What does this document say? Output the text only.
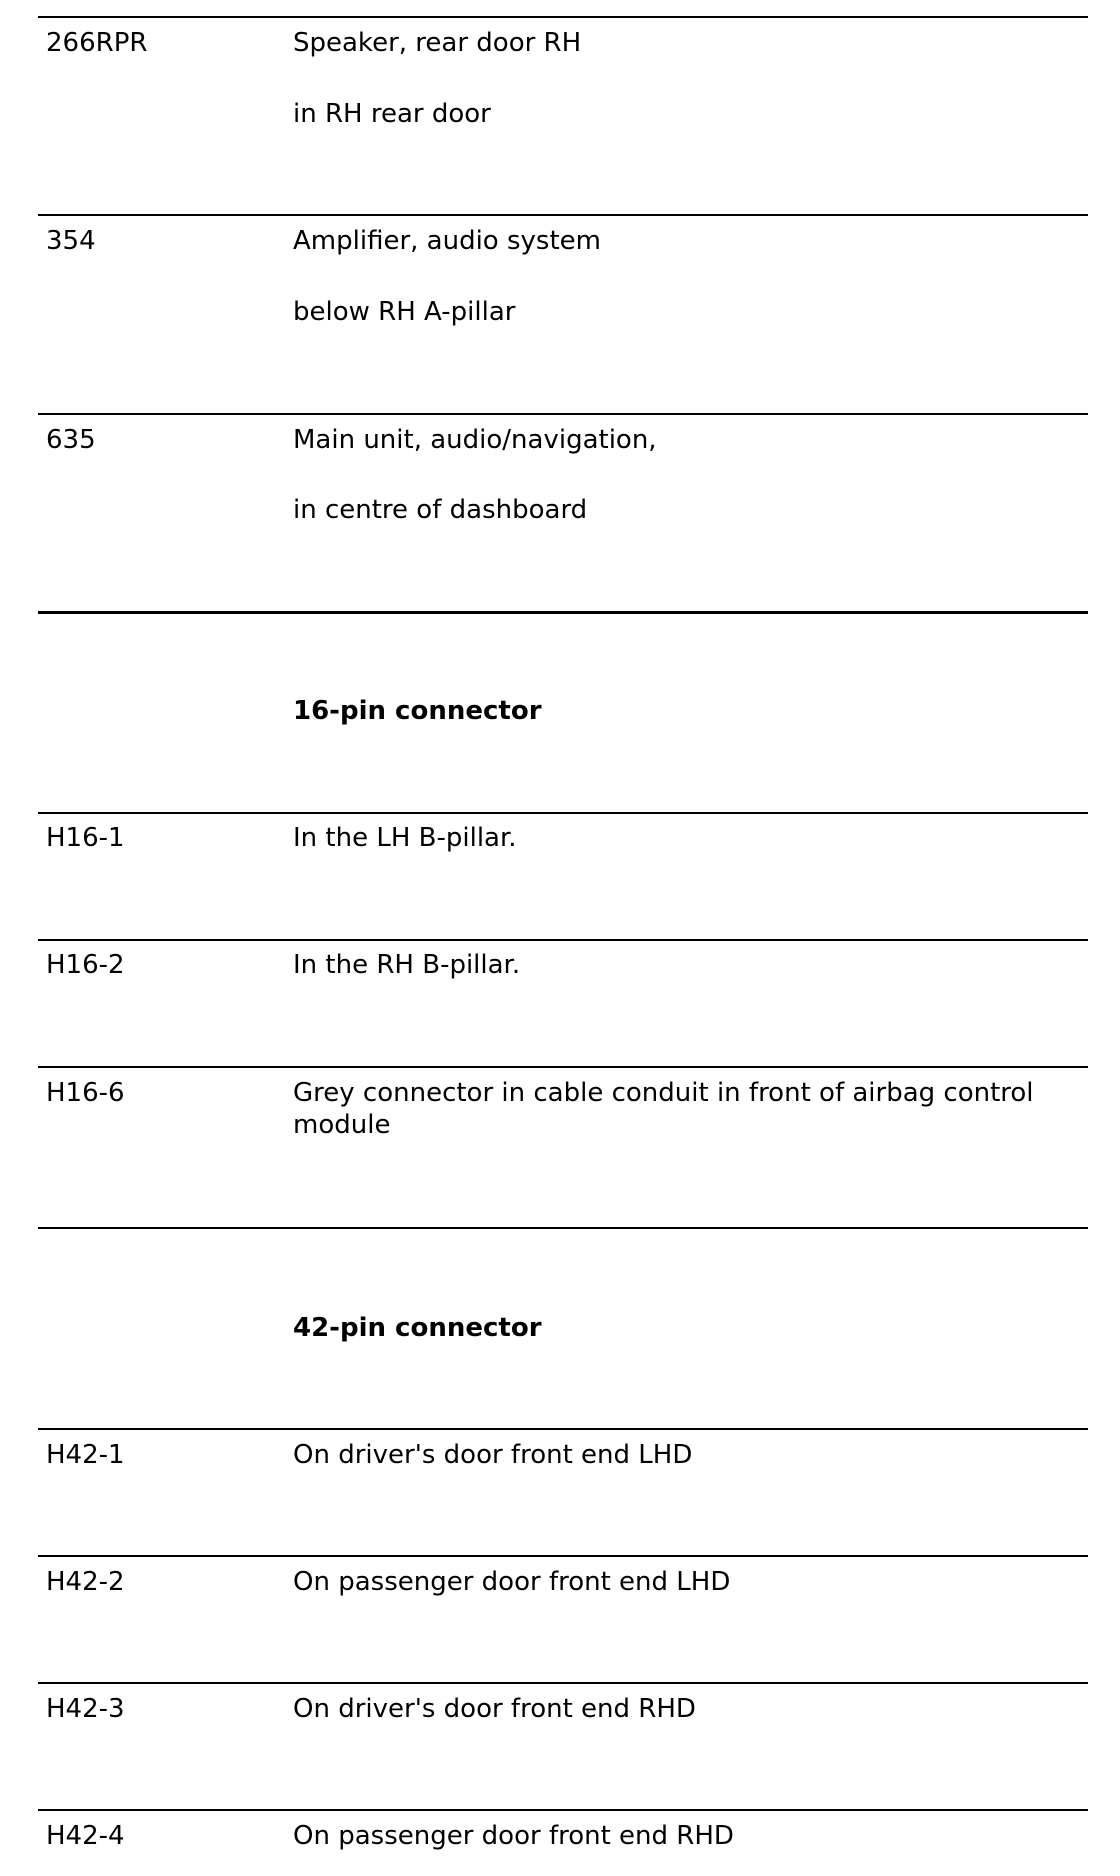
266RPR	Speaker, rear door RH
in RH rear door
354	Amplifier, audio system
below RH A-pillar
635	Main unit, audio/navigation,
in centre of dashboard
16-pin connector
H16-1	In the LH B-pillar.
H16-2	In the RH B-pillar.
H16-6	Grey connector in cable conduit in front of airbag control module
42-pin connector
H42-1	On driver's door front end LHD
H42-2	On passenger door front end LHD
H42-3	On driver's door front end RHD
H42-4	On passenger door front end RHD
